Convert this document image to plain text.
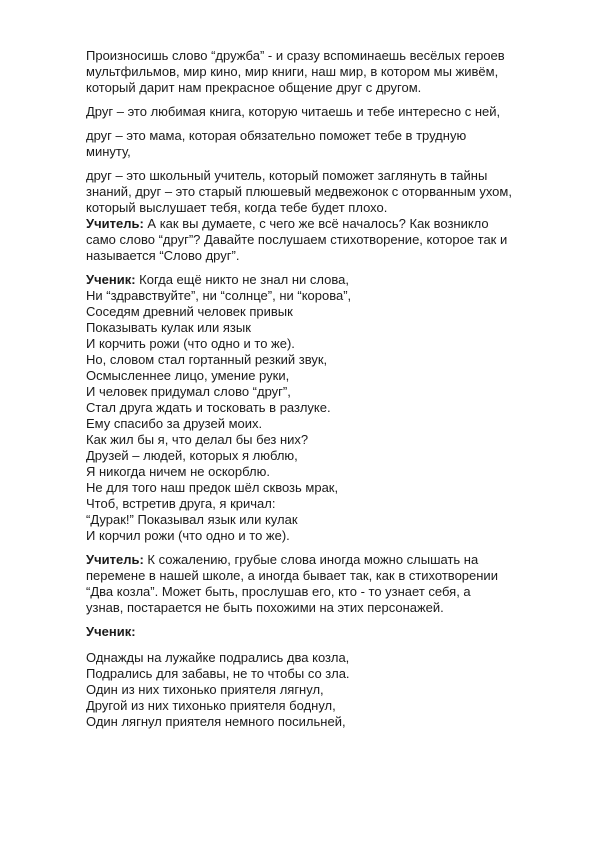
Произносишь слово “дружба” - и сразу вспоминаешь весёлых героев
мультфильмов, мир кино, мир книги, наш мир, в котором мы живём,
который дарит нам прекрасное общение друг с другом.
Друг – это любимая книга, которую читаешь и тебе интересно с ней,
друг – это мама, которая обязательно поможет тебе в трудную
минуту,
друг – это школьный учитель, который поможет заглянуть в тайны
знаний, друг – это старый плюшевый медвежонок с оторванным ухом,
который выслушает тебя, когда тебе будет плохо.
Учитель: А как вы думаете, с чего же всё началось? Как возникло
само слово “друг”? Давайте послушаем стихотворение, которое так и
называется “Слово друг”.
Ученик: Когда ещё никто не знал ни слова,
Ни “здравствуйте”, ни “солнце”, ни “корова”,
Соседям древний человек привык
Показывать кулак или язык
И корчить рожи (что одно и то же).
Но, словом стал гортанный резкий звук,
Осмысленнее лицо, умение руки,
И человек придумал слово “друг”,
Стал друга ждать и тосковать в разлуке.
Ему спасибо за друзей моих.
Как жил бы я, что делал бы без них?
Друзей – людей, которых я люблю,
Я никогда ничем не оскорблю.
Не для того наш предок шёл сквозь мрак,
Чтоб, встретив друга, я кричал:
“Дурак!” Показывал язык или кулак
И корчил рожи (что одно и то же).
Учитель: К сожалению, грубые слова иногда можно слышать на
перемене в нашей школе, а иногда бывает так, как в стихотворении
“Два козла”. Может быть, прослушав его, кто - то узнает себя, а
узнав, постарается не быть похожими на этих персонажей.
Ученик:
Однажды на лужайке подрались два козла,
Подрались для забавы, не то чтобы со зла.
Один из них тихонько приятеля лягнул,
Другой из них тихонько приятеля боднул,
Один лягнул приятеля немного посильней,
